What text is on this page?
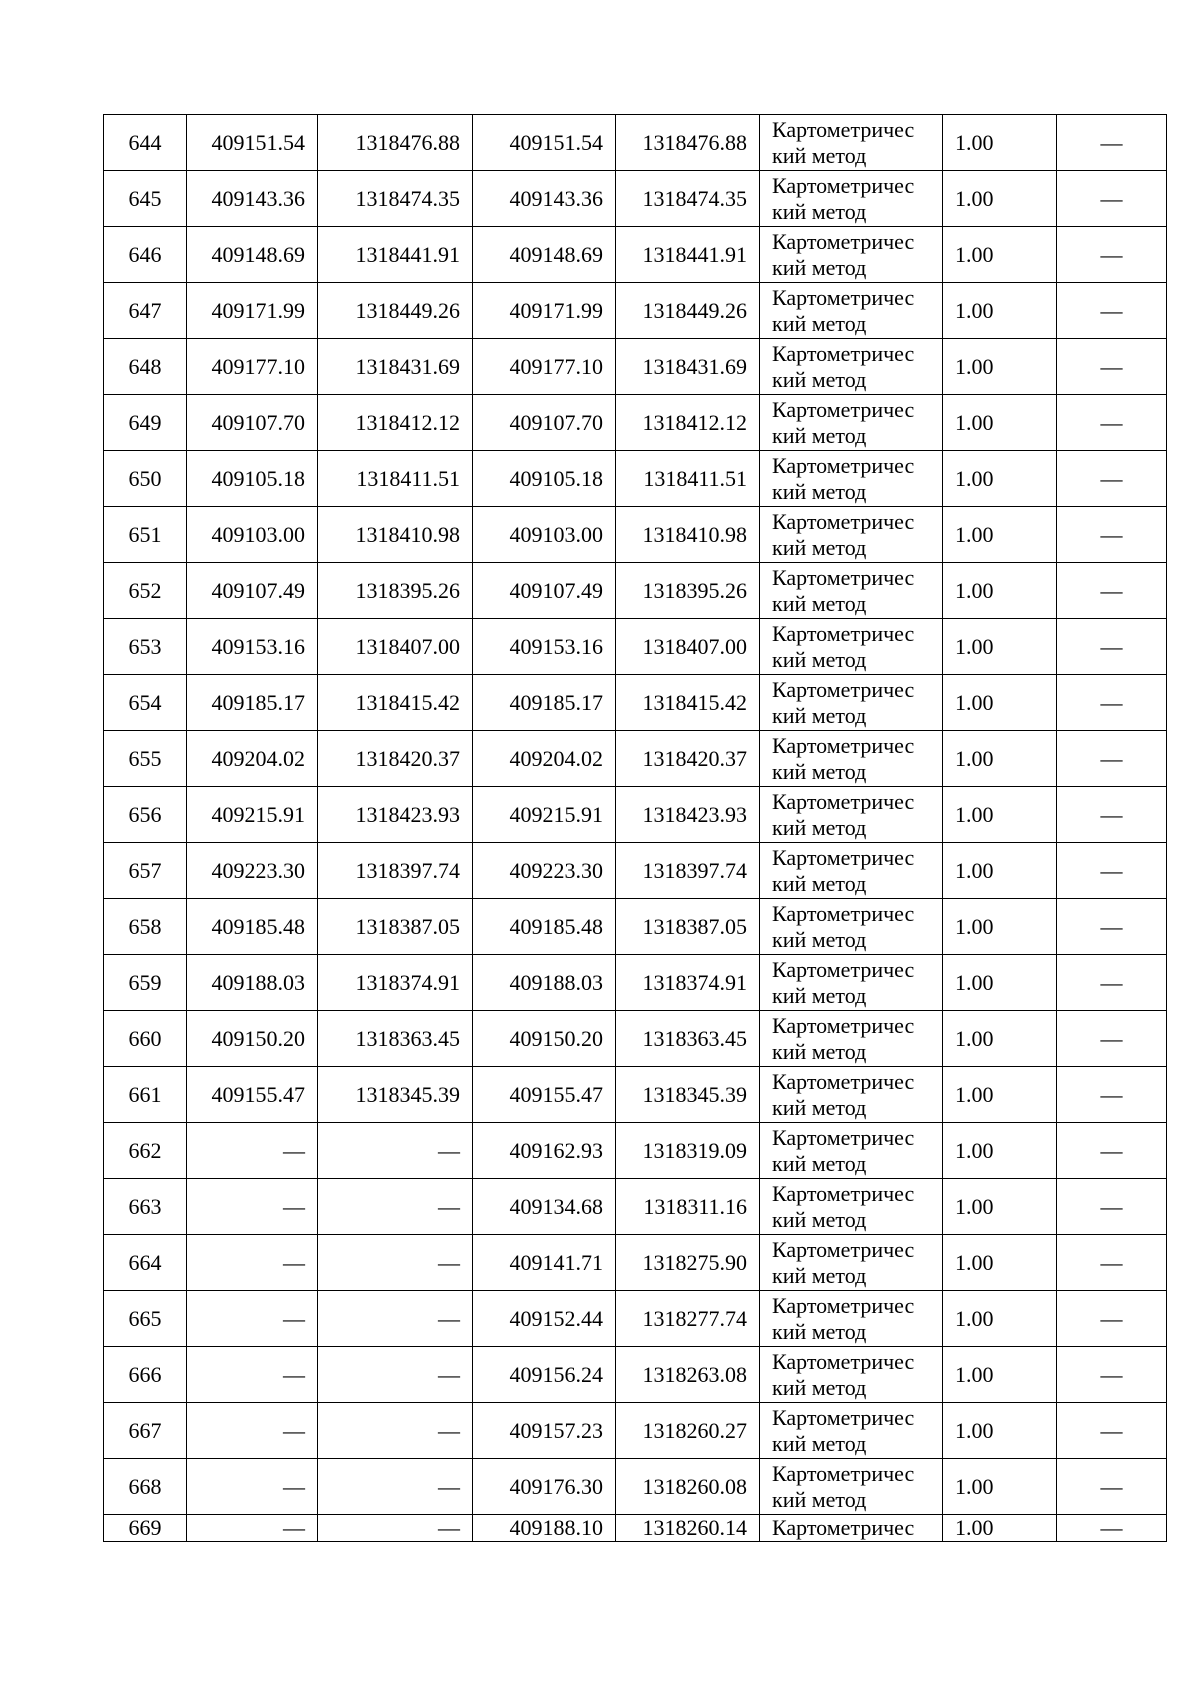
644	409151.54	1318476.88	409151.54	1318476.88	Картометричес
кий метод	1.00	—
645	409143.36	1318474.35	409143.36	1318474.35	Картометричес
кий метод	1.00	—
646	409148.69	1318441.91	409148.69	1318441.91	Картометричес
кий метод	1.00	—
647	409171.99	1318449.26	409171.99	1318449.26	Картометричес
кий метод	1.00	—
648	409177.10	1318431.69	409177.10	1318431.69	Картометричес
кий метод	1.00	—
649	409107.70	1318412.12	409107.70	1318412.12	Картометричес
кий метод	1.00	—
650	409105.18	1318411.51	409105.18	1318411.51	Картометричес
кий метод	1.00	—
651	409103.00	1318410.98	409103.00	1318410.98	Картометричес
кий метод	1.00	—
652	409107.49	1318395.26	409107.49	1318395.26	Картометричес
кий метод	1.00	—
653	409153.16	1318407.00	409153.16	1318407.00	Картометричес
кий метод	1.00	—
654	409185.17	1318415.42	409185.17	1318415.42	Картометричес
кий метод	1.00	—
655	409204.02	1318420.37	409204.02	1318420.37	Картометричес
кий метод	1.00	—
656	409215.91	1318423.93	409215.91	1318423.93	Картометричес
кий метод	1.00	—
657	409223.30	1318397.74	409223.30	1318397.74	Картометричес
кий метод	1.00	—
658	409185.48	1318387.05	409185.48	1318387.05	Картометричес
кий метод	1.00	—
659	409188.03	1318374.91	409188.03	1318374.91	Картометричес
кий метод	1.00	—
660	409150.20	1318363.45	409150.20	1318363.45	Картометричес
кий метод	1.00	—
661	409155.47	1318345.39	409155.47	1318345.39	Картометричес
кий метод	1.00	—
662	—	—	409162.93	1318319.09	Картометричес
кий метод	1.00	—
663	—	—	409134.68	1318311.16	Картометричес
кий метод	1.00	—
664	—	—	409141.71	1318275.90	Картометричес
кий метод	1.00	—
665	—	—	409152.44	1318277.74	Картометричес
кий метод	1.00	—
666	—	—	409156.24	1318263.08	Картометричес
кий метод	1.00	—
667	—	—	409157.23	1318260.27	Картометричес
кий метод	1.00	—
668	—	—	409176.30	1318260.08	Картометричес
кий метод	1.00	—
669	—	—	409188.10	1318260.14	Картометричес	1.00	—
